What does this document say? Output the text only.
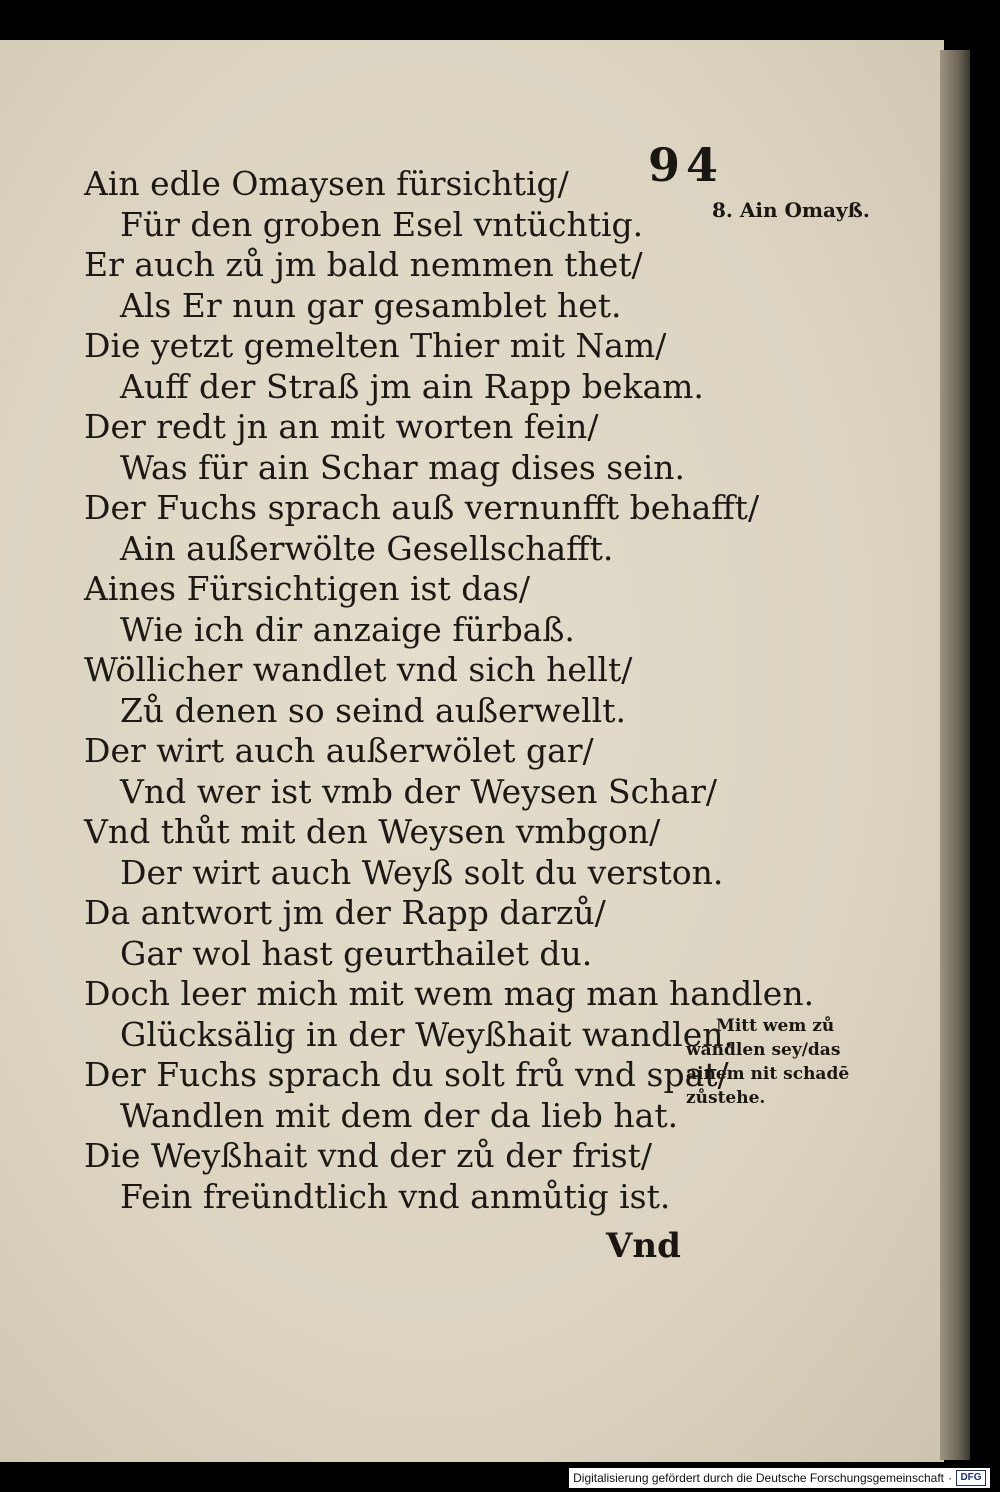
94
Ain edle Omaysen fürsichtig/
Für den groben Esel vntüchtig.
Er auch zů jm bald nemmen thet/
Als Er nun gar gesamblet het.
Die yetzt gemelten Thier mit Nam/
Auff der Straß jm ain Rapp bekam.
Der redt jn an mit worten fein/
Was für ain Schar mag dises sein.
Der Fuchs sprach auß vernunfft behafft/
Ain außerwölte Gesellschafft.
Aines Fürsichtigen ist das/
Wie ich dir anzaige fürbaß.
Wöllicher wandlet vnd sich hellt/
Zů denen so seind außerwellt.
Der wirt auch außerwölet gar/
Vnd wer ist vmb der Weysen Schar/
Vnd thůt mit den Weysen vmbgon/
Der wirt auch Weyß solt du verston.
Da antwort jm der Rapp darzů/
Gar wol hast geurthailet du.
Doch leer mich mit wem mag man handlen.
Glücksälig in der Weyßhait wandlen.
Der Fuchs sprach du solt frů vnd spat/
Wandlen mit dem der da lieb hat.
Die Weyßhait vnd der zů der frist/
Fein freündtlich vnd anmůtig ist.
8. Ain Omayß.
Mitt wem zů
wandlen sey/das
ainem nit schadē
zůstehe.
Vnd
Digitalisierung gefördert durch die Deutsche Forschungsgemeinschaft · DFG
